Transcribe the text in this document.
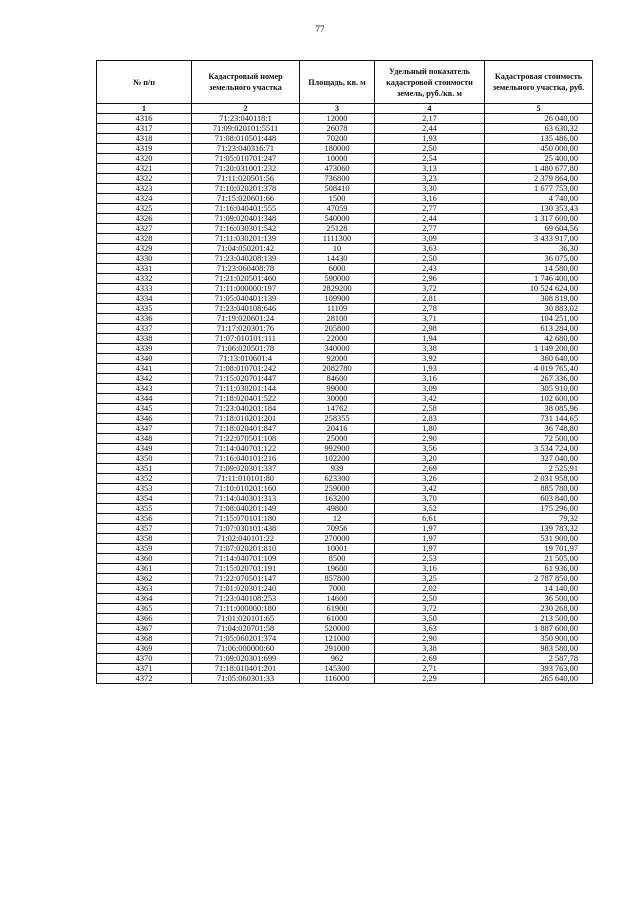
77
№ п/п	Кадастровый номер земельного участка	Площадь, кв. м	Удельный показатель кадастровой стоимости земель, руб./кв. м	Кадастровая стоимость земельного участка, руб.
1	2	3	4	5
4316	71:23:040118:1	12000	2,17	26 040,00
4317	71:09:020101:5511	26078	2,44	63 630,32
4318	71:08:010501:448	70200	1,93	135 486,00
4319	71:23:040316:71	180000	2,50	450 000,00
4320	71:05:010701:247	10000	2,54	25 400,00
4321	71:20:031001:232	473060	3,13	1 480 677,80
4322	71:11:020501:56	736800	3,23	2 379 864,00
4323	71:10:020201:378	508410	3,30	1 677 753,00
4324	71:15:020601:66	1500	3,16	4 740,00
4325	71:16:040401:555	47059	2,77	130 353,43
4326	71:09:020401:348	540000	2,44	1 317 600,00
4327	71:16:030301:542	25128	2,77	69 604,56
4328	71:11:030201:139	1111300	3,09	3 433 917,00
4329	71:04:050201:42	10	3,63	36,30
4330	71:23:040208:139	14430	2,50	36 075,00
4331	71:23:060408:78	6000	2,43	14 580,00
4332	71:21:020501:460	590000	2,96	1 746 400,00
4333	71:11:000000:197	2829200	3,72	10 524 624,00
4334	71:05:040401:139	109900	2,81	308 819,00
4335	71:23:040108:646	11109	2,78	30 883,02
4336	71:19:020601:24	28100	3,71	104 251,00
4337	71:17:020301:76	205800	2,98	613 284,00
4338	71:07:010101:111	22000	1,94	42 680,00
4339	71:06:020501:78	340000	3,38	1 149 200,00
4340	71:13:010601:4	92000	3,92	360 640,00
4341	71:08:010701:242	2082780	1,93	4 019 765,40
4342	71:15:020701:447	84600	3,16	267 336,00
4343	71:11:030201:144	99000	3,09	305 910,00
4344	71:18:020401:522	30000	3,42	102 600,00
4345	71:23:040201:184	14762	2,58	38 085,96
4346	71:18:010201:201	258355	2,83	731 144,65
4347	71:18:020401:847	20416	1,80	36 748,80
4348	71:22:070501:108	25000	2,90	72 500,00
4349	71:14:040701:122	992900	3,56	3 534 724,00
4350	71:16:040101:216	102200	3,20	327 040,00
4351	71:09:020301:337	939	2,69	2 525,91
4352	71:11:010101:80	623300	3,26	2 031 958,00
4353	71:10:010201:160	259000	3,42	885 780,00
4354	71:14:040301:313	163200	3,70	603 840,00
4355	71:08:040201:149	49800	3,52	175 296,00
4356	71:15:070101:180	12	6,61	79,32
4357	71:07:030101:438	70956	1,97	139 783,32
4358	71:02:040101:22	270000	1,97	531 900,00
4359	71:07:020201:810	10001	1,97	19 701,97
4360	71:14:040701:109	8500	2,53	21 505,00
4361	71:15:020701:191	19600	3,16	61 936,00
4362	71:22:070501:147	857800	3,25	2 787 850,00
4363	71:01:020301:240	7000	2,02	14 140,00
4364	71:23:040108:253	14600	2,50	36 500,00
4365	71:11:000000:180	61900	3,72	230 268,00
4366	71:01:020101:65	61000	3,50	213 500,00
4367	71:04:020701:58	520000	3,63	1 887 600,00
4368	71:05:060201:374	121000	2,90	350 900,00
4369	71:06:000000:60	291000	3,38	983 580,00
4370	71:09:020301:699	962	2,69	2 587,78
4371	71:18:010401:201	145300	2,71	393 763,00
4372	71:05:060301:33	116000	2,29	265 640,00
